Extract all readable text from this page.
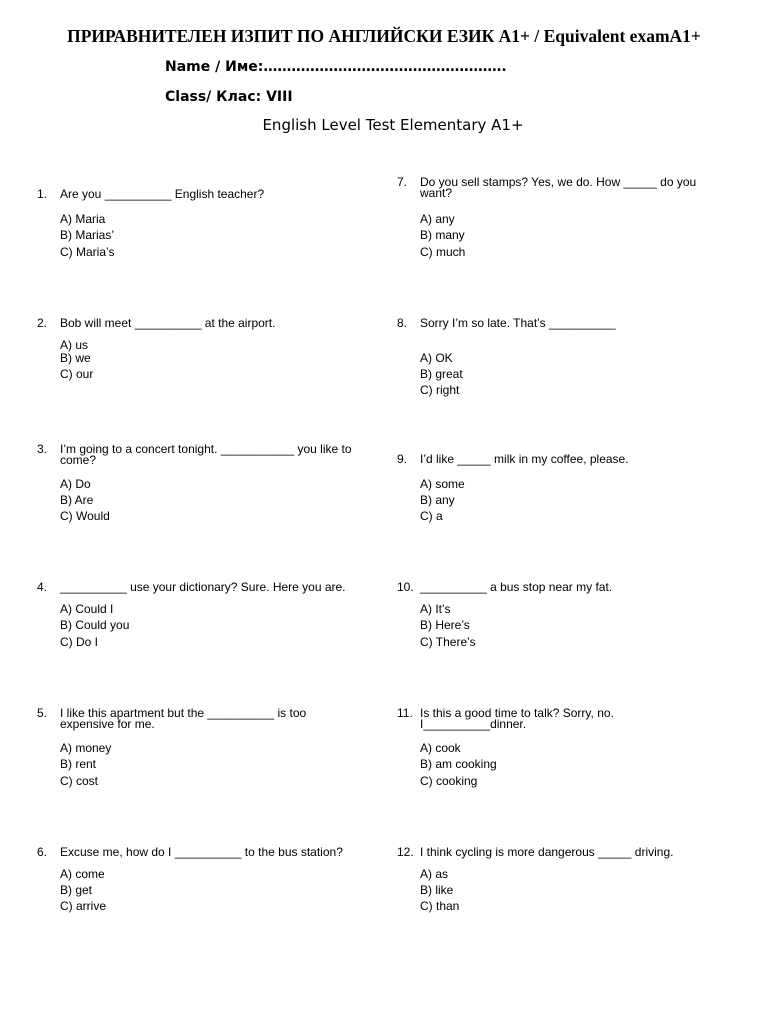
ПРИРАВНИТЕЛЕН ИЗПИТ ПО АНГЛИЙСКИ ЕЗИК A1+ / Equivalent examA1+
Name / Име:…………………………………………….
Class/ Клас: VIII
English Level Test Elementary A1+
1. Are you __________ English teacher?
A) Maria
B) Marias’
C) Maria’s
2. Bob will meet __________ at the airport.
A) us
B) we
C) our
3. I’m going to a concert tonight. ___________ you like to come?
A) Do
B) Are
C) Would
4. __________ use your dictionary? Sure. Here you are.
A) Could I
B) Could you
C) Do I
5. I like this apartment but the __________ is too expensive for me.
A) money
B) rent
C) cost
6. Excuse me, how do I __________ to the bus station?
A) come
B) get
C) arrive
7. Do you sell stamps? Yes, we do. How _____ do you want?
A) any
B) many
C) much
8. Sorry I’m so late. That’s __________
A) OK
B) great
C) right
9. I’d like _____ milk in my coffee, please.
A) some
B) any
C) a
10. __________ a bus stop near my fat.
A) It’s
B) Here’s
C) There’s
11. Is this a good time to talk? Sorry, no. I__________dinner.
A) cook
B) am cooking
C) cooking
12. I think cycling is more dangerous _____ driving.
A) as
B) like
C) than
